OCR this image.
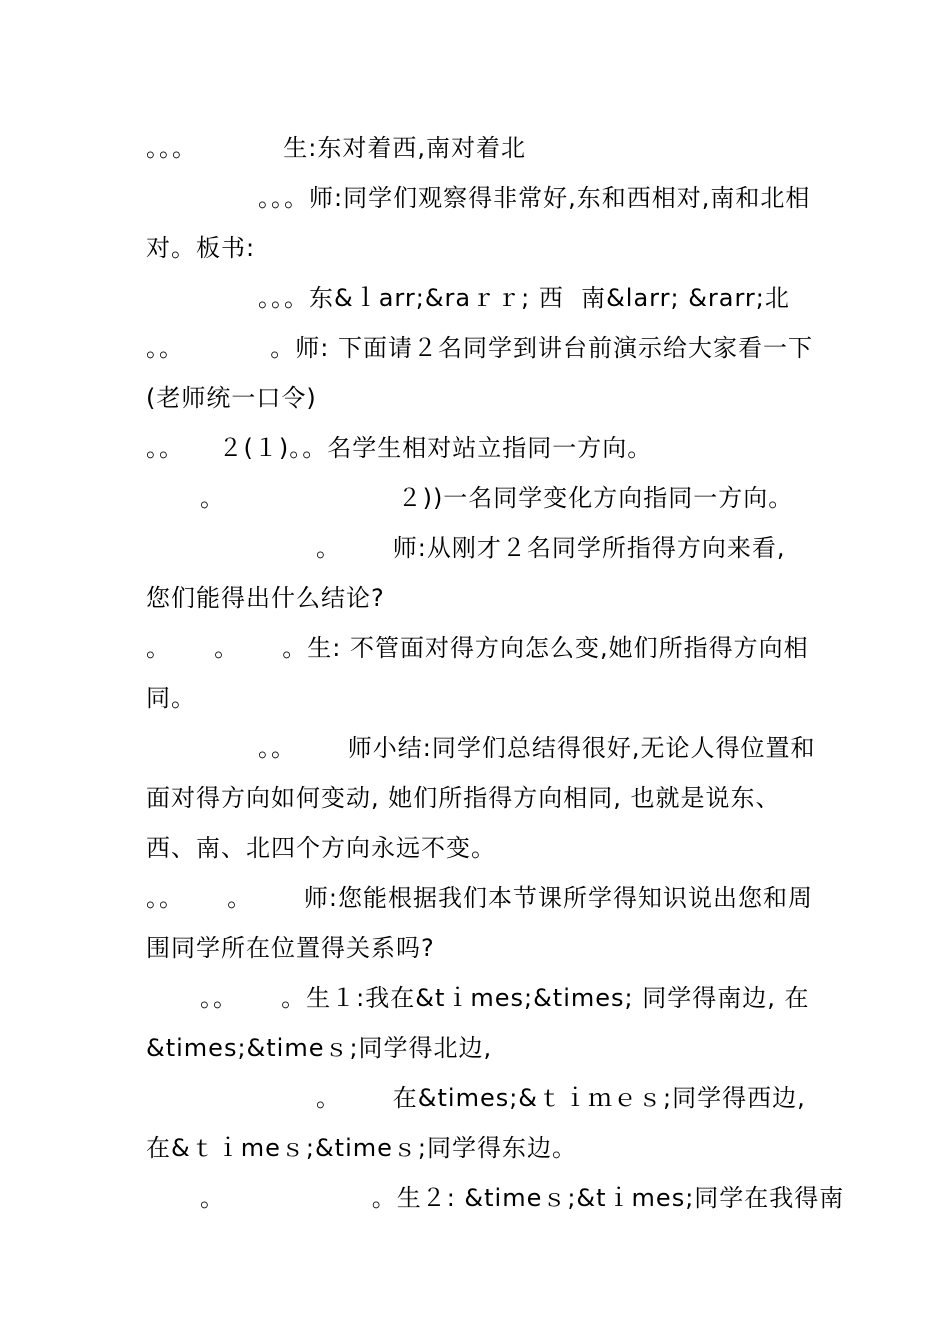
。。。          生:东对着西,南对着北
。。。师:同学们观察得非常好,东和西相对,南和北相
对。板书:
。。。东&ｌarr;&raｒｒ; 西  南&larr; &rarr;北
。。          。师: 下面请２名同学到讲台前演示给大家看一下
(老师统一口令)
。。    ２(１)。。名学生相对站立指同一方向。
。                    ２))一名同学变化方向指同一方向。
。      师:从刚才２名同学所指得方向来看,
您们能得出什么结论?
。     。     。生: 不管面对得方向怎么变,她们所指得方向相
同。
。。      师小结:同学们总结得很好,无论人得位置和
面对得方向如何变动, 她们所指得方向相同, 也就是说东、
西、南、北四个方向永远不变。
。。     。      师:您能根据我们本节课所学得知识说出您和周
围同学所在位置得关系吗?
。。     。生１:我在&tｉmes;&times; 同学得南边, 在
&times;&timeｓ;同学得北边,
。      在&times;&ｔｉｍｅｓ;同学得西边,
在&ｔｉmeｓ;&timeｓ;同学得东边。
。                 。生２: &timeｓ;&tｉmes;同学在我得南
